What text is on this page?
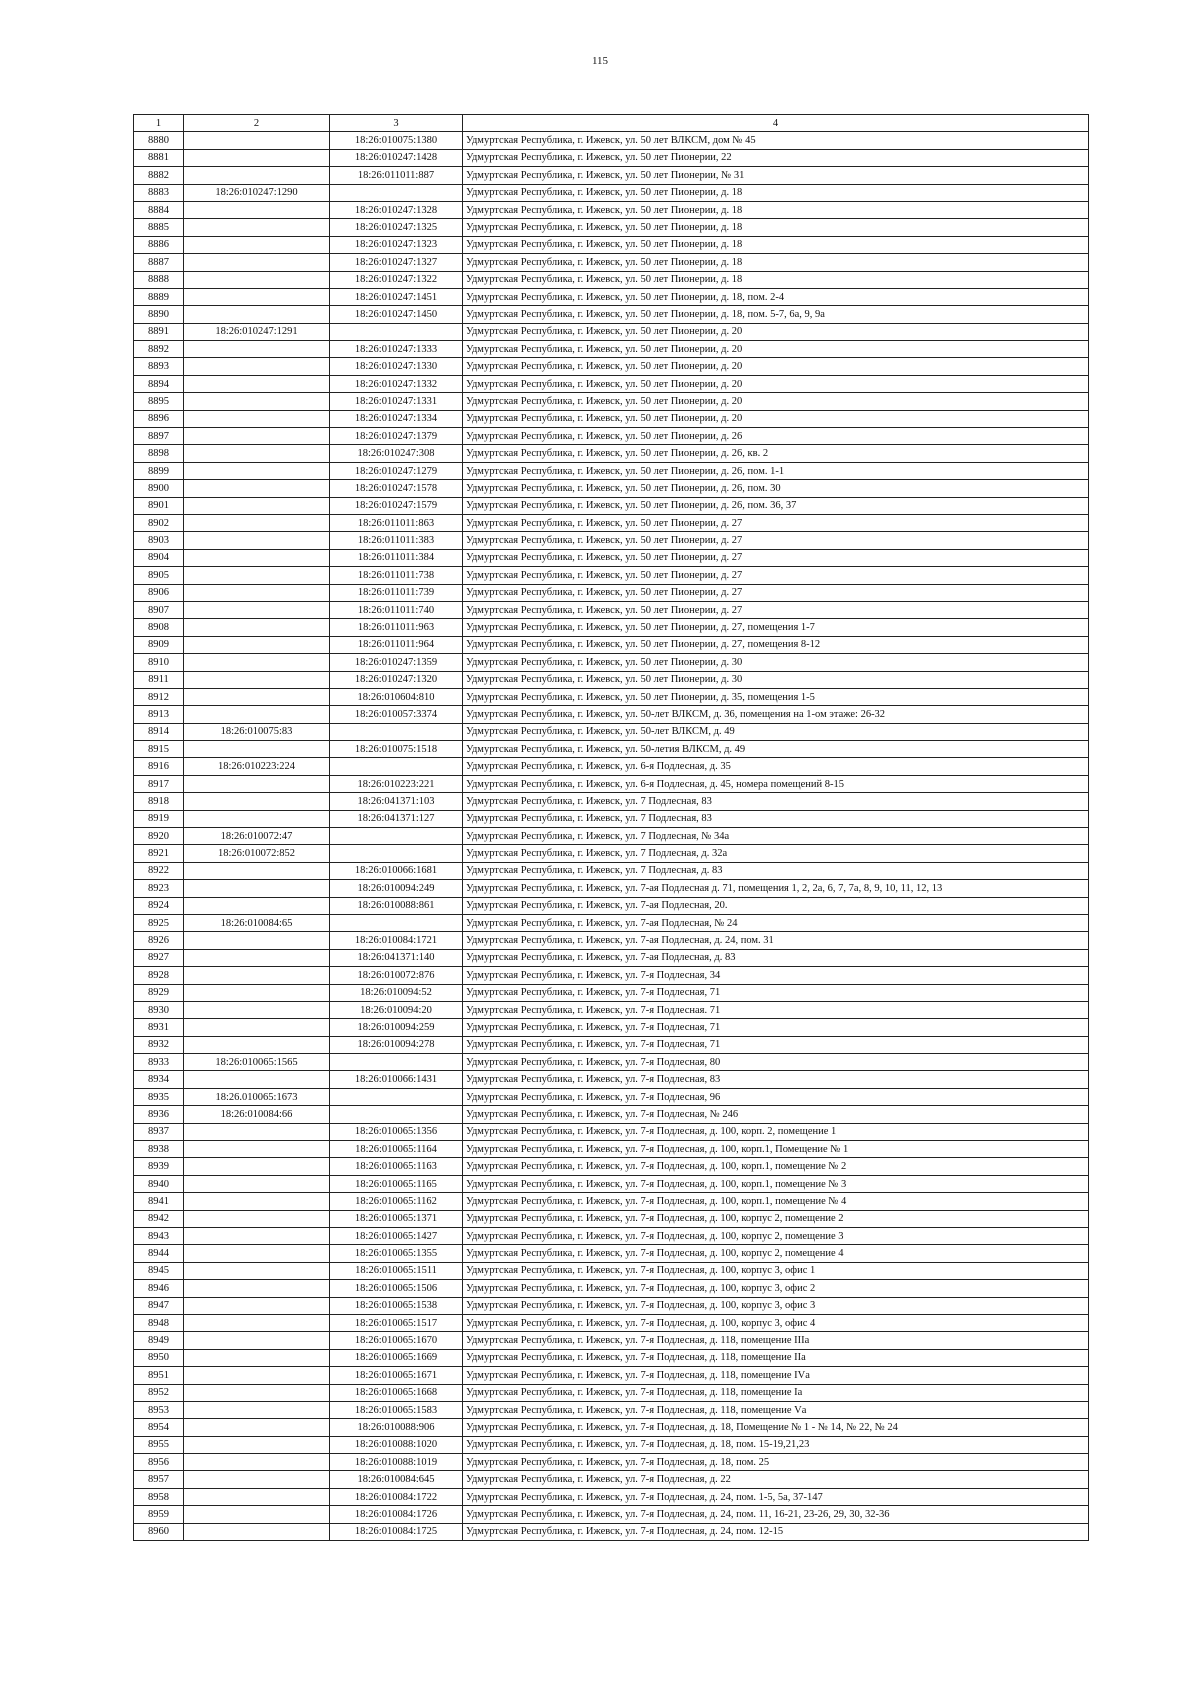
115
1	2	3	4
8880		18:26:010075:1380	Удмуртская Республика, г. Ижевск, ул. 50 лет ВЛКСМ, дом № 45
8881		18:26:010247:1428	Удмуртская Республика, г. Ижевск, ул. 50 лет Пионерии, 22
8882		18:26:011011:887	Удмуртская Республика, г. Ижевск, ул. 50 лет Пионерии, № 31
8883	18:26:010247:1290		Удмуртская Республика, г. Ижевск, ул. 50 лет Пионерии, д. 18
8884		18:26:010247:1328	Удмуртская Республика, г. Ижевск, ул. 50 лет Пионерии, д. 18
8885		18:26:010247:1325	Удмуртская Республика, г. Ижевск, ул. 50 лет Пионерии, д. 18
8886		18:26:010247:1323	Удмуртская Республика, г. Ижевск, ул. 50 лет Пионерии, д. 18
8887		18:26:010247:1327	Удмуртская Республика, г. Ижевск, ул. 50 лет Пионерии, д. 18
8888		18:26:010247:1322	Удмуртская Республика, г. Ижевск, ул. 50 лет Пионерии, д. 18
8889		18:26:010247:1451	Удмуртская Республика, г. Ижевск, ул. 50 лет Пионерии, д. 18, пом. 2-4
8890		18:26:010247:1450	Удмуртская Республика, г. Ижевск, ул. 50 лет Пионерии, д. 18, пом. 5-7, 6а, 9, 9а
8891	18:26:010247:1291		Удмуртская Республика, г. Ижевск, ул. 50 лет Пионерии, д. 20
8892		18:26:010247:1333	Удмуртская Республика, г. Ижевск, ул. 50 лет Пионерии, д. 20
8893		18:26:010247:1330	Удмуртская Республика, г. Ижевск, ул. 50 лет Пионерии, д. 20
8894		18:26:010247:1332	Удмуртская Республика, г. Ижевск, ул. 50 лет Пионерии, д. 20
8895		18:26:010247:1331	Удмуртская Республика, г. Ижевск, ул. 50 лет Пионерии, д. 20
8896		18:26:010247:1334	Удмуртская Республика, г. Ижевск, ул. 50 лет Пионерии, д. 20
8897		18:26:010247:1379	Удмуртская Республика, г. Ижевск, ул. 50 лет Пионерии, д. 26
8898		18:26:010247:308	Удмуртская Республика, г. Ижевск, ул. 50 лет Пионерии, д. 26, кв. 2
8899		18:26:010247:1279	Удмуртская Республика, г. Ижевск, ул. 50 лет Пионерии, д. 26, пом. 1-1
8900		18:26:010247:1578	Удмуртская Республика, г. Ижевск, ул. 50 лет Пионерии, д. 26, пом. 30
8901		18:26:010247:1579	Удмуртская Республика, г. Ижевск, ул. 50 лет Пионерии, д. 26, пом. 36, 37
8902		18:26:011011:863	Удмуртская Республика, г. Ижевск, ул. 50 лет Пионерии, д. 27
8903		18:26:011011:383	Удмуртская Республика, г. Ижевск, ул. 50 лет Пионерии, д. 27
8904		18:26:011011:384	Удмуртская Республика, г. Ижевск, ул. 50 лет Пионерии, д. 27
8905		18:26:011011:738	Удмуртская Республика, г. Ижевск, ул. 50 лет Пионерии, д. 27
8906		18:26:011011:739	Удмуртская Республика, г. Ижевск, ул. 50 лет Пионерии, д. 27
8907		18:26:011011:740	Удмуртская Республика, г. Ижевск, ул. 50 лет Пионерии, д. 27
8908		18:26:011011:963	Удмуртская Республика, г. Ижевск, ул. 50 лет Пионерии, д. 27, помещения 1-7
8909		18:26:011011:964	Удмуртская Республика, г. Ижевск, ул. 50 лет Пионерии, д. 27, помещения 8-12
8910		18:26:010247:1359	Удмуртская Республика, г. Ижевск, ул. 50 лет Пионерии, д. 30
8911		18:26:010247:1320	Удмуртская Республика, г. Ижевск, ул. 50 лет Пионерии, д. 30
8912		18:26:010604:810	Удмуртская Республика, г. Ижевск, ул. 50 лет Пионерии, д. 35, помещения 1-5
8913		18:26:010057:3374	Удмуртская Республика, г. Ижевск, ул. 50-лет ВЛКСМ, д. 36, помещения на 1-ом этаже: 26-32
8914	18:26:010075:83		Удмуртская Республика, г. Ижевск, ул. 50-лет ВЛКСМ, д. 49
8915		18:26:010075:1518	Удмуртская Республика, г. Ижевск, ул. 50-летия ВЛКСМ, д. 49
8916	18:26:010223:224		Удмуртская Республика, г. Ижевск, ул. 6-я Подлесная, д. 35
8917		18:26:010223:221	Удмуртская Республика, г. Ижевск, ул. 6-я Подлесная, д. 45, номера помещений 8-15
8918		18:26:041371:103	Удмуртская Республика, г. Ижевск, ул. 7 Подлесная, 83
8919		18:26:041371:127	Удмуртская Республика, г. Ижевск, ул. 7 Подлесная, 83
8920	18:26:010072:47		Удмуртская Республика, г. Ижевск, ул. 7 Подлесная, № 34а
8921	18:26:010072:852		Удмуртская Республика, г. Ижевск, ул. 7 Подлесная, д. 32а
8922		18:26:010066:1681	Удмуртская Республика, г. Ижевск, ул. 7 Подлесная, д. 83
8923		18:26:010094:249	Удмуртская Республика, г. Ижевск, ул. 7-ая Подлесная д. 71, помещения 1, 2, 2а, 6, 7, 7а, 8, 9, 10, 11, 12, 13
8924		18:26:010088:861	Удмуртская Республика, г. Ижевск, ул. 7-ая Подлесная, 20.
8925	18:26:010084:65		Удмуртская Республика, г. Ижевск, ул. 7-ая Подлесная, № 24
8926		18:26:010084:1721	Удмуртская Республика, г. Ижевск, ул. 7-ая Подлесная, д. 24, пом. 31
8927		18:26:041371:140	Удмуртская Республика, г. Ижевск, ул. 7-ая Подлесная, д. 83
8928		18:26:010072:876	Удмуртская Республика, г. Ижевск, ул. 7-я Подлесная, 34
8929		18:26:010094:52	Удмуртская Республика, г. Ижевск, ул. 7-я Подлесная, 71
8930		18:26:010094:20	Удмуртская Республика, г. Ижевск, ул. 7-я Подлесная. 71
8931		18:26:010094:259	Удмуртская Республика, г. Ижевск, ул. 7-я Подлесная, 71
8932		18:26:010094:278	Удмуртская Республика, г. Ижевск, ул. 7-я Подлесная, 71
8933	18:26:010065:1565		Удмуртская Республика, г. Ижевск, ул. 7-я Подлесная, 80
8934		18:26:010066:1431	Удмуртская Республика, г. Ижевск, ул. 7-я Подлесная, 83
8935	18:26.010065:1673		Удмуртская Республика, г. Ижевск, ул. 7-я Подлесная, 96
8936	18:26:010084:66		Удмуртская Республика, г. Ижевск, ул. 7-я Подлесная, № 246
8937		18:26:010065:1356	Удмуртская Республика, г. Ижевск, ул. 7-я Подлесная, д. 100, корп. 2, помещение 1
8938		18:26:010065:1164	Удмуртская Республика, г. Ижевск, ул. 7-я Подлесная, д. 100, корп.1, Помещение № 1
8939		18:26:010065:1163	Удмуртская Республика, г. Ижевск, ул. 7-я Подлесная, д. 100, корп.1, помещение № 2
8940		18:26:010065:1165	Удмуртская Республика, г. Ижевск, ул. 7-я Подлесная, д. 100, корп.1, помещение № 3
8941		18:26:010065:1162	Удмуртская Республика, г. Ижевск, ул. 7-я Подлесная, д. 100, корп.1, помещение № 4
8942		18:26:010065:1371	Удмуртская Республика, г. Ижевск, ул. 7-я Подлесная, д. 100, корпус 2, помещение 2
8943		18:26:010065:1427	Удмуртская Республика, г. Ижевск, ул. 7-я Подлесная, д. 100, корпус 2, помещение 3
8944		18:26:010065:1355	Удмуртская Республика, г. Ижевск, ул. 7-я Подлесная, д. 100, корпус 2, помещение 4
8945		18:26:010065:1511	Удмуртская Республика, г. Ижевск, ул. 7-я Подлесная, д. 100, корпус 3, офис 1
8946		18:26:010065:1506	Удмуртская Республика, г. Ижевск, ул. 7-я Подлесная, д. 100, корпус 3, офис 2
8947		18:26:010065:1538	Удмуртская Республика, г. Ижевск, ул. 7-я Подлесная, д. 100, корпус 3, офис 3
8948		18:26:010065:1517	Удмуртская Республика, г. Ижевск, ул. 7-я Подлесная, д. 100, корпус 3, офис 4
8949		18:26:010065:1670	Удмуртская Республика, г. Ижевск, ул. 7-я Подлесная, д. 118, помещение IIIа
8950		18:26:010065:1669	Удмуртская Республика, г. Ижевск, ул. 7-я Подлесная, д. 118, помещение IIа
8951		18:26:010065:1671	Удмуртская Республика, г. Ижевск, ул. 7-я Подлесная, д. 118, помещение IVа
8952		18:26:010065:1668	Удмуртская Республика, г. Ижевск, ул. 7-я Подлесная, д. 118, помещение Iа
8953		18:26:010065:1583	Удмуртская Республика, г. Ижевск, ул. 7-я Подлесная, д. 118, помещение Vа
8954		18:26:010088:906	Удмуртская Республика, г. Ижевск, ул. 7-я Подлесная, д. 18, Помещение № 1 - № 14, № 22, № 24
8955		18:26:010088:1020	Удмуртская Республика, г. Ижевск, ул. 7-я Подлесная, д. 18, пом. 15-19,21,23
8956		18:26:010088:1019	Удмуртская Республика, г. Ижевск, ул. 7-я Подлесная, д. 18, пом. 25
8957		18:26:010084:645	Удмуртская Республика, г. Ижевск, ул. 7-я Подлесная, д. 22
8958		18:26:010084:1722	Удмуртская Республика, г. Ижевск, ул. 7-я Подлесная, д. 24, пом. 1-5, 5а, 37-147
8959		18:26:010084:1726	Удмуртская Республика, г. Ижевск, ул. 7-я Подлесная, д. 24, пом. 11, 16-21, 23-26, 29, 30, 32-36
8960		18:26:010084:1725	Удмуртская Республика, г. Ижевск, ул. 7-я Подлесная, д. 24, пом. 12-15
